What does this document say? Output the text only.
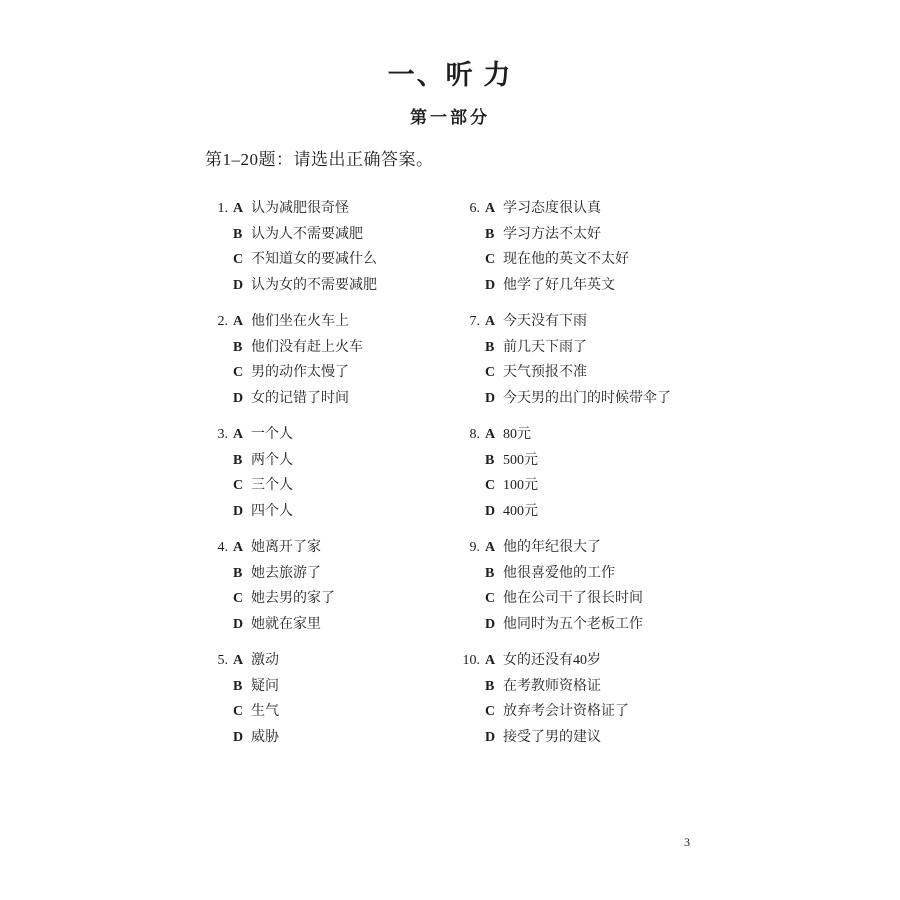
一、听 力
第一部分
第1–20题：请选出正确答案。
1. A 认为减肥很奇怪
B 认为人不需要减肥
C 不知道女的要减什么
D 认为女的不需要减肥
2. A 他们坐在火车上
B 他们没有赶上火车
C 男的动作太慢了
D 女的记错了时间
3. A 一个人
B 两个人
C 三个人
D 四个人
4. A 她离开了家
B 她去旅游了
C 她去男的家了
D 她就在家里
5. A 激动
B 疑问
C 生气
D 威胁
6. A 学习态度很认真
B 学习方法不太好
C 现在他的英文不太好
D 他学了好几年英文
7. A 今天没有下雨
B 前几天下雨了
C 天气预报不准
D 今天男的出门的时候带伞了
8. A 80元
B 500元
C 100元
D 400元
9. A 他的年纪很大了
B 他很喜爱他的工作
C 他在公司干了很长时间
D 他同时为五个老板工作
10. A 女的还没有40岁
B 在考教师资格证
C 放弃考会计资格证了
D 接受了男的建议
3
